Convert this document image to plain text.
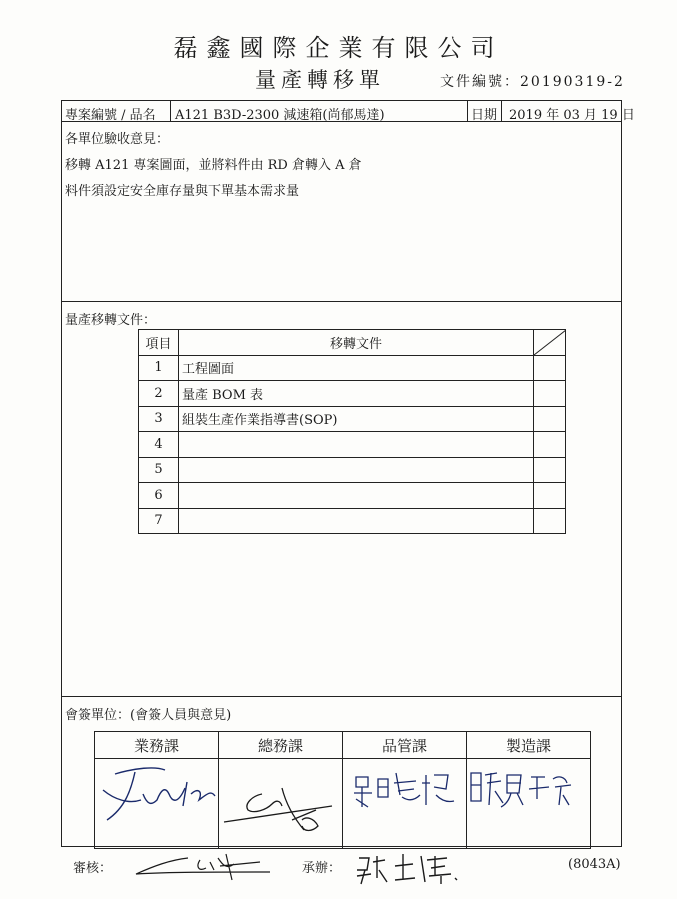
磊鑫國際企業有限公司
量產轉移單	文件編號：20190319-2
專案編號 / 品名 A121 B3D-2300 減速箱(尚郁馬達)	日期 2019 年 03 月 19 日
各單位驗收意見：
移轉 A121 專案圖面，並將料件由 RD 倉轉入 A 倉
料件須設定安全庫存量與下單基本需求量
量產移轉文件：
項目	移轉文件	

1	工程圖面	
2	量產 BOM 表	
3	組裝生產作業指導書(SOP)	
4		
5		
6		
7		
會簽單位：(會簽人員與意見)
業務課	總務課	品管課	製造課

審核：	承辦：	(8043A)
